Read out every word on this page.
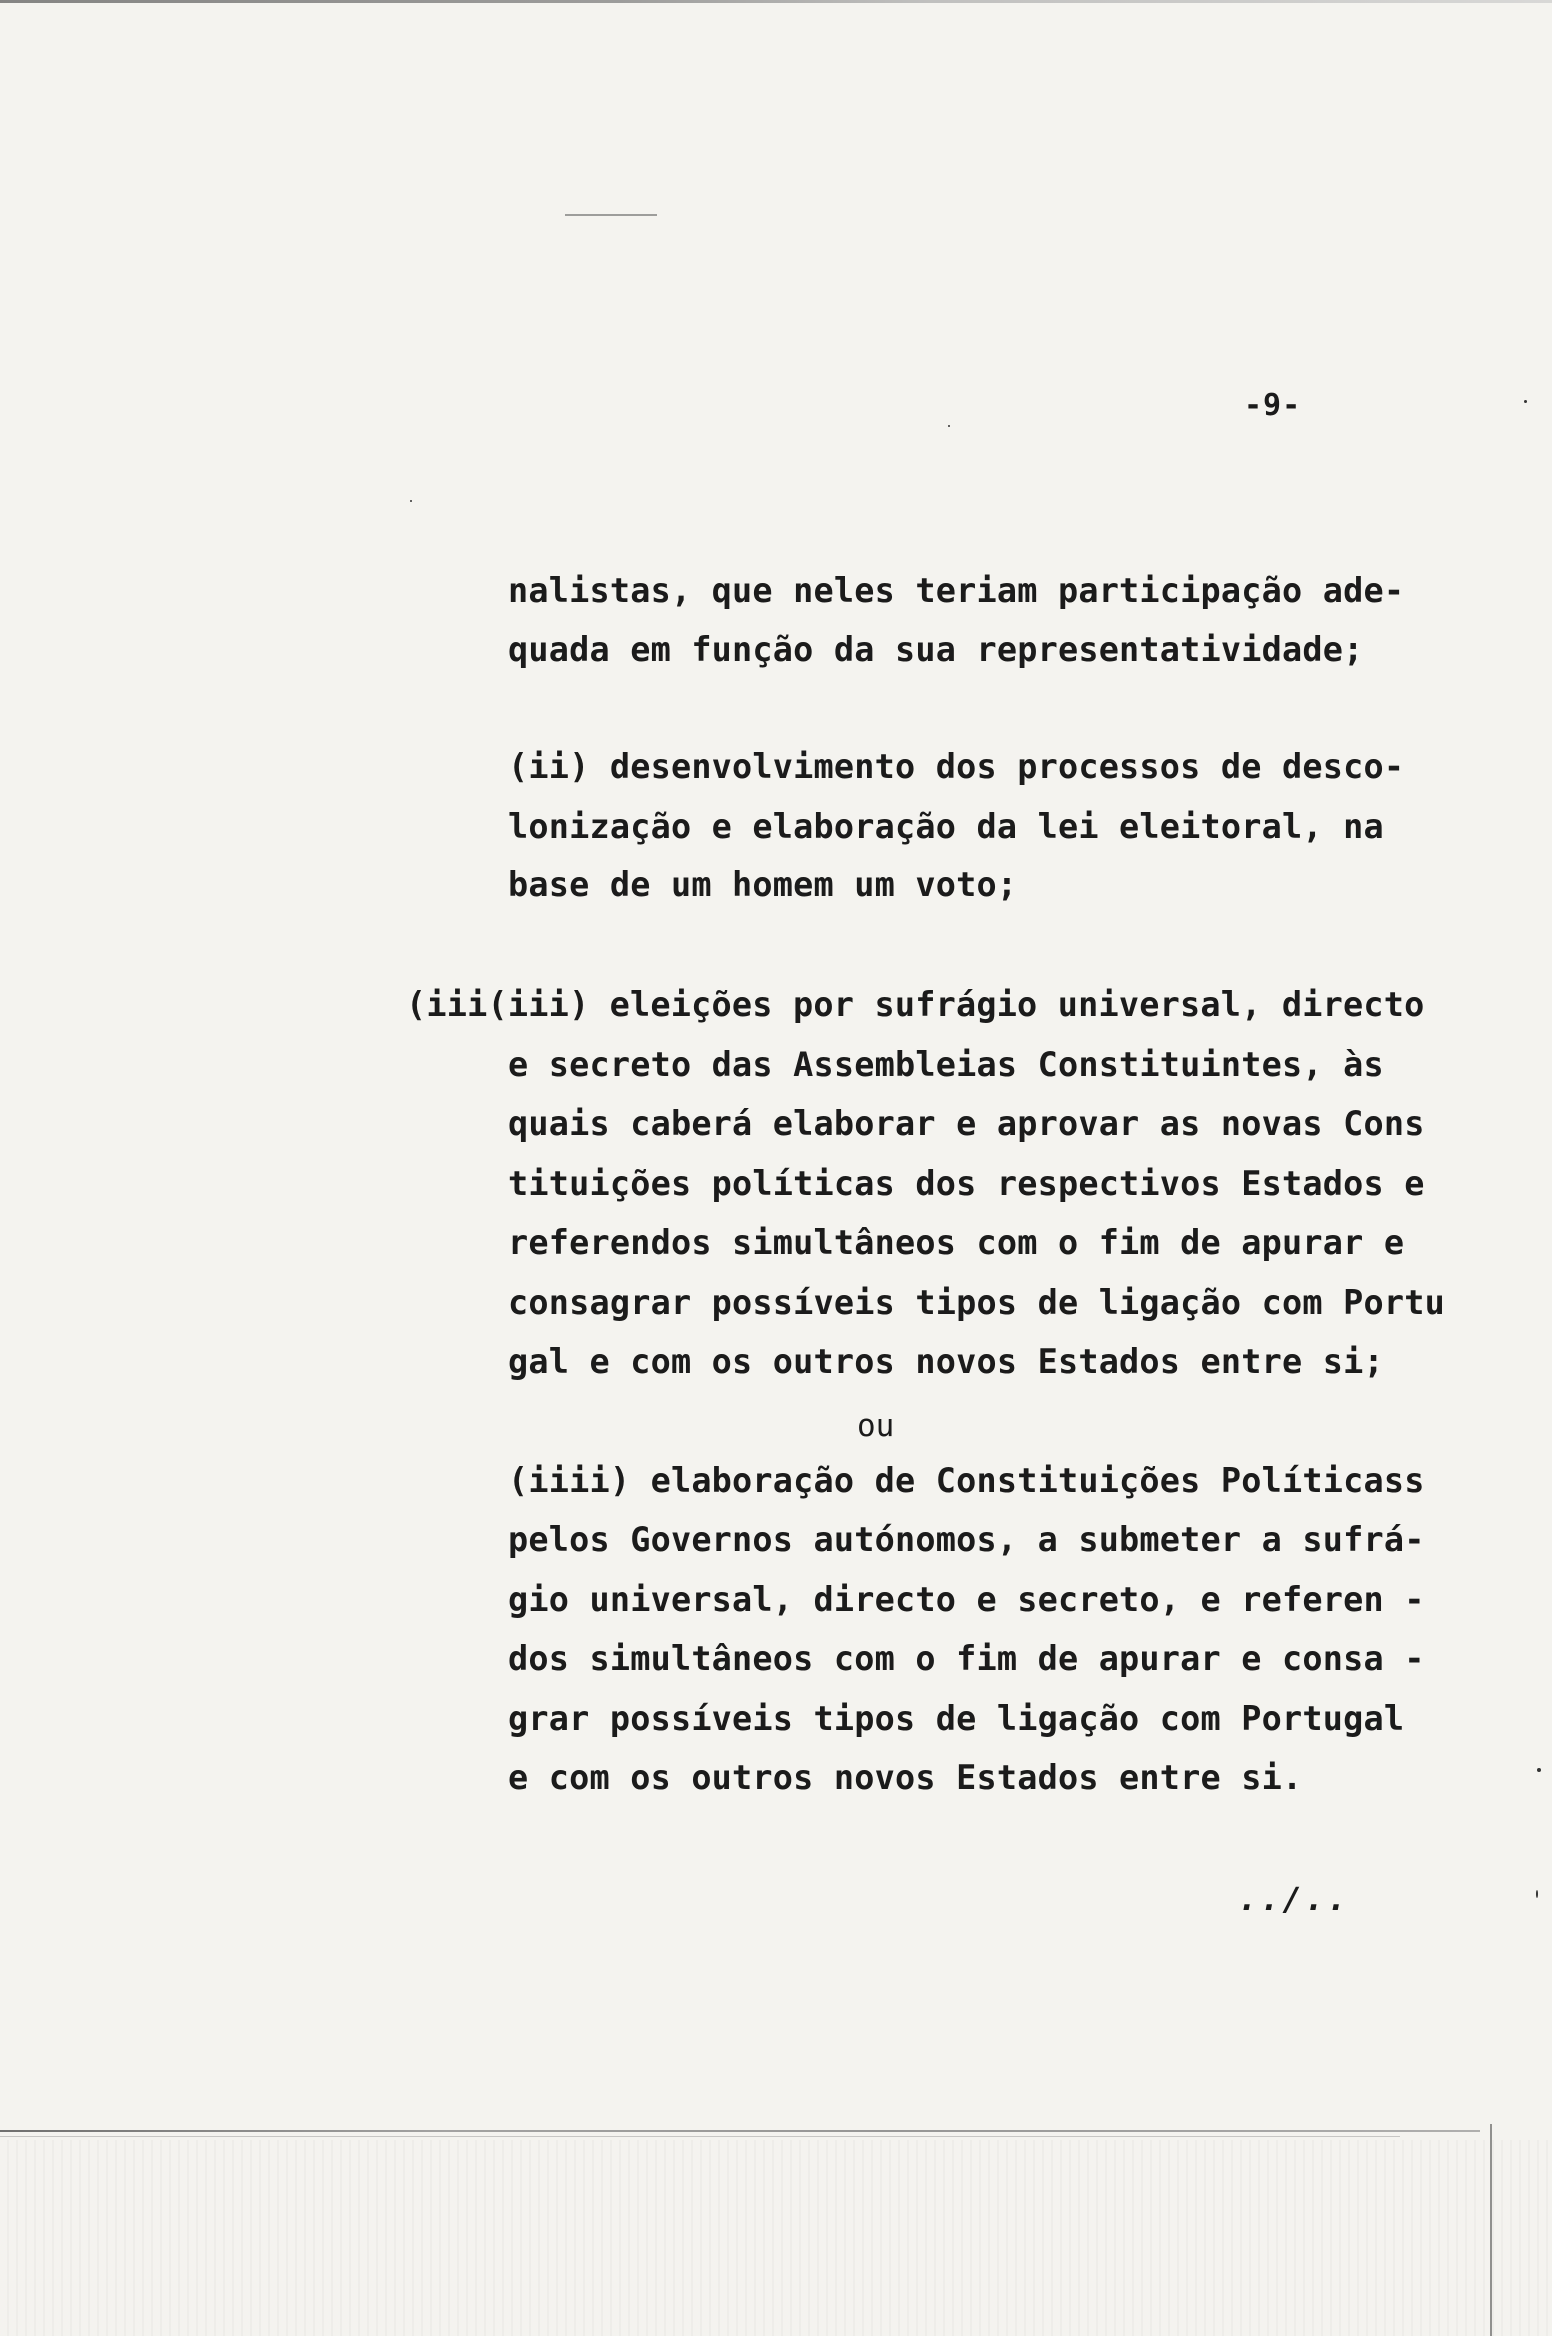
-9-
nalistas, que neles teriam participação ade-
quada em função da sua representatividade;
(ii) desenvolvimento dos processos de desco-
lonização e elaboração da lei eleitoral, na
base de um homem um voto;
(iii(iii) eleições por sufrágio universal, directo
e secreto das Assembleias Constituintes, às
quais caberá elaborar e aprovar as novas Cons
tituições políticas dos respectivos Estados e
referendos simultâneos com o fim de apurar e
consagrar possíveis tipos de ligação com Portu
gal e com os outros novos Estados entre si;
ou
(iiii) elaboração de Constituições Políticass
pelos Governos autónomos, a submeter a sufrá-
gio universal, directo e secreto, e referen -
dos simultâneos com o fim de apurar e consa -
grar possíveis tipos de ligação com Portugal
e com os outros novos Estados entre si.
../..
